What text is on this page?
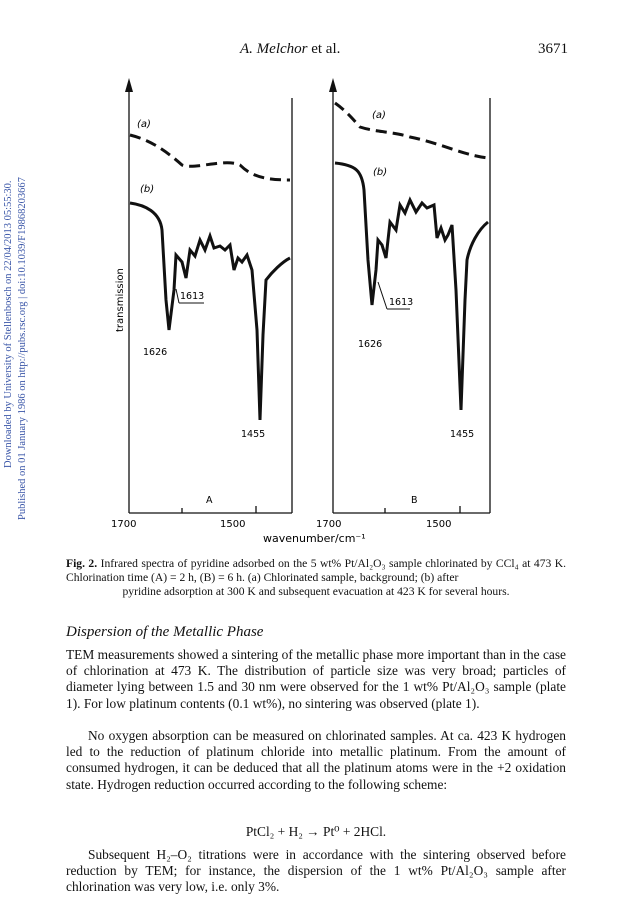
A. Melchor et al.	3671
Downloaded by University of Stellenbosch on 22/04/2013 05:55:30. Published on 01 January 1986 on http://pubs.rsc.org | doi:10.1039/F19868203667
(a)
(b)
1613
1626
1455
A
1700	1500
(a)
(b)
1613
1626
1455
B
1700	1500
transmission
wavenumber/cm⁻¹
Fig. 2. Infrared spectra of pyridine adsorbed on the 5 wt% Pt/Al₂O₃ sample chlorinated by CCl₄ at 473 K. Chlorination time (A) = 2 h, (B) = 6 h. (a) Chlorinated sample, background; (b) after
pyridine adsorption at 300 K and subsequent evacuation at 423 K for several hours.
Dispersion of the Metallic Phase
TEM measurements showed a sintering of the metallic phase more important than in the case of chlorination at 473 K. The distribution of particle size was very broad; particles of diameter lying between 1.5 and 30 nm were observed for the 1 wt% Pt/Al₂O₃ sample (plate 1). For low platinum contents (0.1 wt%), no sintering was observed (plate 1).
No oxygen absorption can be measured on chlorinated samples. At ca. 423 K hydrogen led to the reduction of platinum chloride into metallic platinum. From the amount of consumed hydrogen, it can be deduced that all the platinum atoms were in the +2 oxidation state. Hydrogen reduction occurred according to the following scheme:
PtCl₂ + H₂ → Pt⁰ + 2HCl.
Subsequent H₂–O₂ titrations were in accordance with the sintering observed before reduction by TEM; for instance, the dispersion of the 1 wt% Pt/Al₂O₃ sample after chlorination was very low, i.e. only 3%.
